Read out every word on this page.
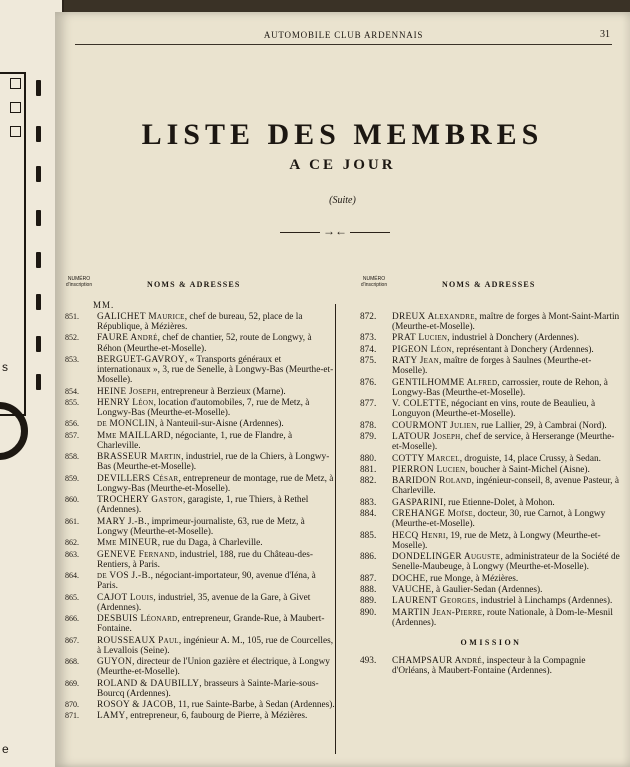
s
e
AUTOMOBILE CLUB ARDENNAIS	31
LISTE DES MEMBRES
A CE JOUR
(Suite)
→←
NUMÉRO d'inscription	NOMS & ADRESSES
MM.
851.	GALICHET Maurice, chef de bureau, 52, place de la République, à Mézières.
852.	FAURE André, chef de chantier, 52, route de Longwy, à Réhon (Meurthe-et-Moselle).
853.	BERGUET-GAVROY, « Transports généraux et internationaux », 3, rue de Senelle, à Longwy-Bas (Meurthe-et-Moselle).
854.	HEINE Joseph, entrepreneur à Berzieux (Marne).
855.	HENRY Léon, location d'automobiles, 7, rue de Metz, à Longwy-Bas (Meurthe-et-Moselle).
856.	de MONCLIN, à Nanteuil-sur-Aisne (Ardennes).
857.	Mme MAILLARD, négociante, 1, rue de Flandre, à Charleville.
858.	BRASSEUR Martin, industriel, rue de la Chiers, à Longwy-Bas (Meurthe-et-Moselle).
859.	DEVILLERS César, entrepreneur de montage, rue de Metz, à Longwy-Bas (Meurthe-et-Moselle).
860.	TROCHERY Gaston, garagiste, 1, rue Thiers, à Rethel (Ardennes).
861.	MARY J.-B., imprimeur-journaliste, 63, rue de Metz, à Longwy (Meurthe-et-Moselle).
862.	Mme MINEUR, rue du Daga, à Charleville.
863.	GENEVE Fernand, industriel, 188, rue du Château-des-Rentiers, à Paris.
864.	de VOS J.-B., négociant-importateur, 90, avenue d'Iéna, à Paris.
865.	CAJOT Louis, industriel, 35, avenue de la Gare, à Givet (Ardennes).
866.	DESBUIS Léonard, entrepreneur, Grande-Rue, à Maubert-Fontaine.
867.	ROUSSEAUX Paul, ingénieur A. M., 105, rue de Courcelles, à Levallois (Seine).
868.	GUYON, directeur de l'Union gazière et électrique, à Longwy (Meurthe-et-Moselle).
869.	ROLAND & DAUBILLY, brasseurs à Sainte-Marie-sous-Bourcq (Ardennes).
870.	ROSOY & JACOB, 11, rue Sainte-Barbe, à Sedan (Ardennes).
871.	LAMY, entrepreneur, 6, faubourg de Pierre, à Mézières.
NUMÉRO d'inscription	NOMS & ADRESSES
872.	DREUX Alexandre, maître de forges à Mont-Saint-Martin (Meurthe-et-Moselle).
873.	PRAT Lucien, industriel à Donchery (Ardennes).
874.	PIGEON Léon, représentant à Donchery (Ardennes).
875.	RATY Jean, maître de forges à Saulnes (Meurthe-et-Moselle).
876.	GENTILHOMME Alfred, carrossier, route de Rehon, à Longwy-Bas (Meurthe-et-Moselle).
877.	V. COLETTE, négociant en vins, route de Beaulieu, à Longuyon (Meurthe-et-Moselle).
878.	COURMONT Julien, rue Lallier, 29, à Cambrai (Nord).
879.	LATOUR Joseph, chef de service, à Herserange (Meurthe-et-Moselle).
880.	COTTY Marcel, droguiste, 14, place Crussy, à Sedan.
881.	PIERRON Lucien, boucher à Saint-Michel (Aisne).
882.	BARIDON Roland, ingénieur-conseil, 8, avenue Pasteur, à Charleville.
883.	GASPARINI, rue Etienne-Dolet, à Mohon.
884.	CREHANGE Moïse, docteur, 30, rue Carnot, à Longwy (Meurthe-et-Moselle).
885.	HECQ Henri, 19, rue de Metz, à Longwy (Meurthe-et-Moselle).
886.	DONDELINGER Auguste, administrateur de la Société de Senelle-Maubeuge, à Longwy (Meurthe-et-Moselle).
887.	DOCHE, rue Monge, à Mézières.
888.	VAUCHE, à Gaulier-Sedan (Ardennes).
889.	LAURENT Georges, industriel à Linchamps (Ardennes).
890.	MARTIN Jean-Pierre, route Nationale, à Dom-le-Mesnil (Ardennes).
OMISSION
493.	CHAMPSAUR André, inspecteur à la Compagnie d'Orléans, à Maubert-Fontaine (Ardennes).
